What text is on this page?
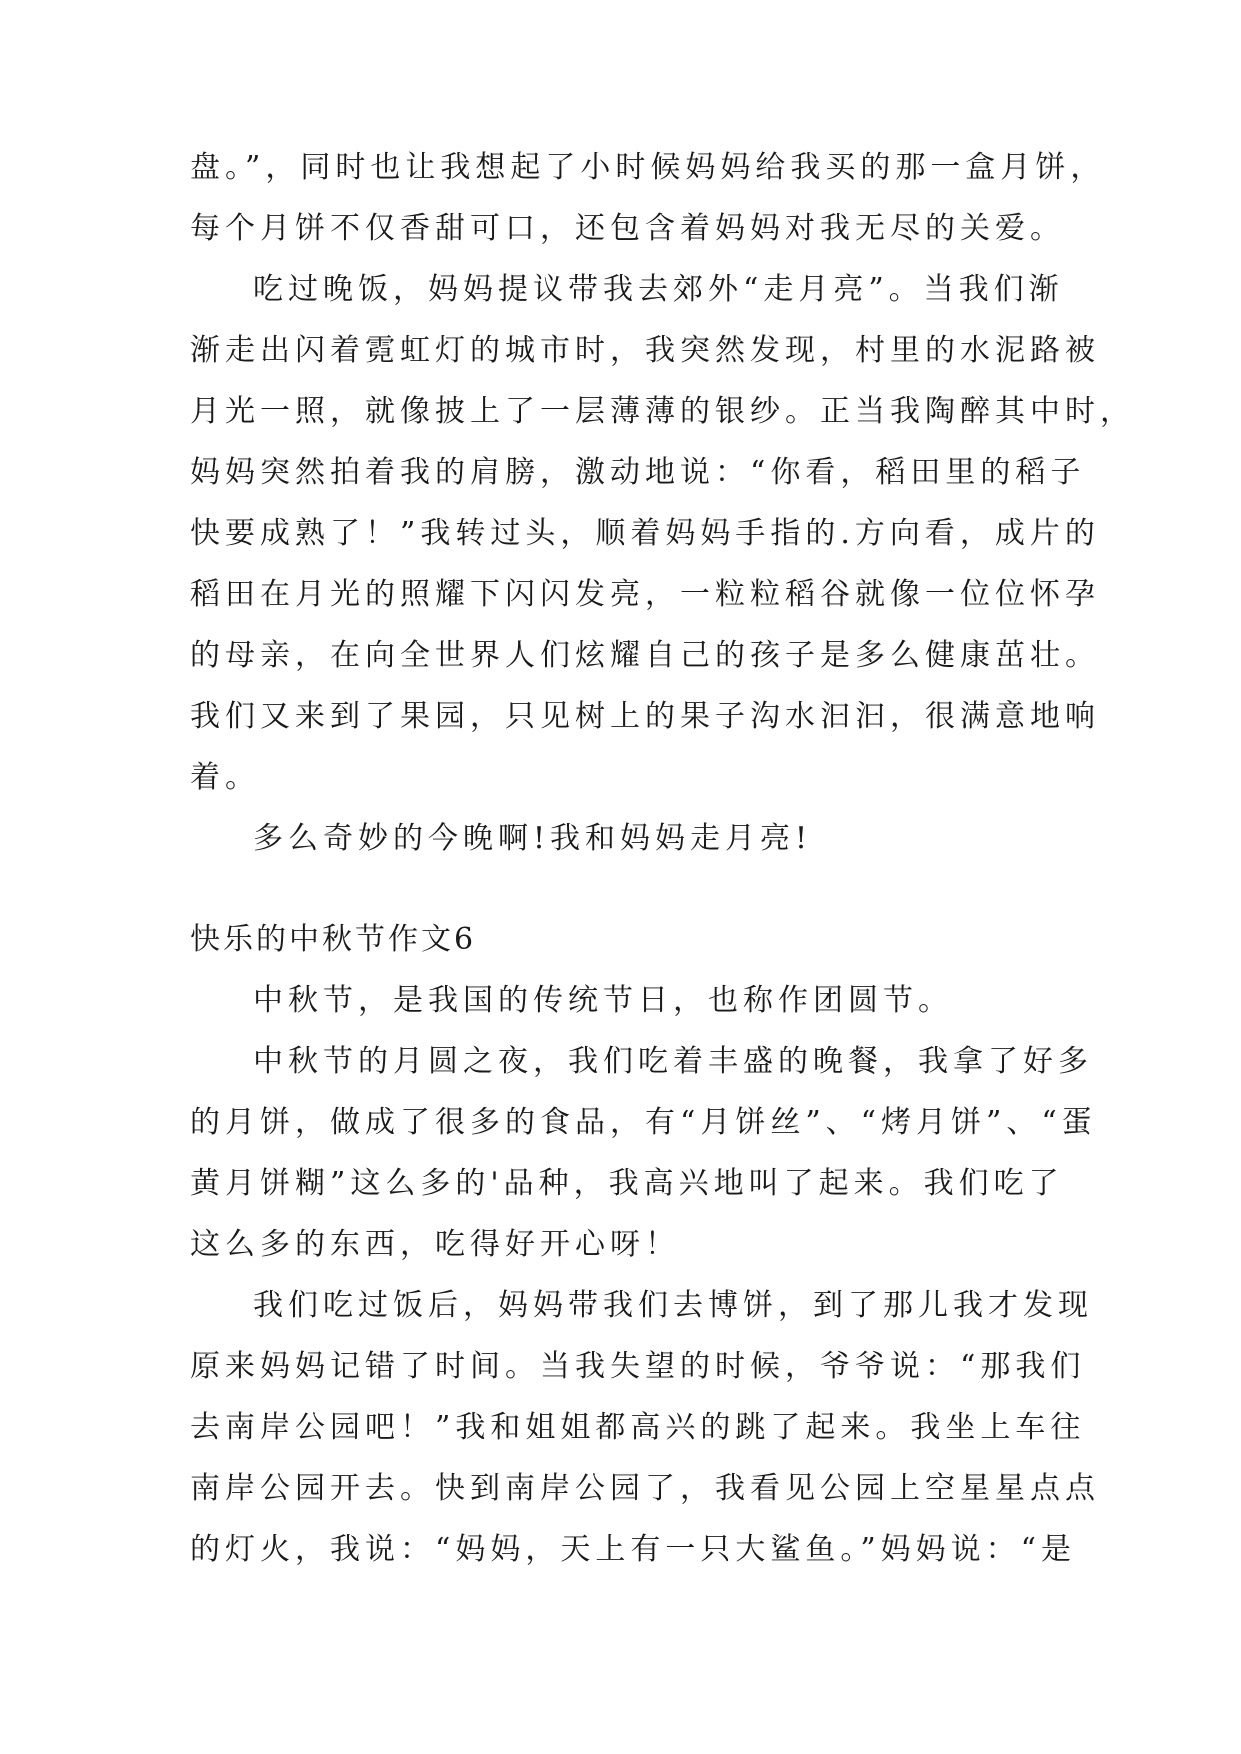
盘。”，同时也让我想起了小时候妈妈给我买的那一盒月饼，
每个月饼不仅香甜可口，还包含着妈妈对我无尽的关爱。
吃过晚饭，妈妈提议带我去郊外“走月亮”。当我们渐
渐走出闪着霓虹灯的城市时，我突然发现，村里的水泥路被
月光一照，就像披上了一层薄薄的银纱。正当我陶醉其中时，
妈妈突然拍着我的肩膀，激动地说：“你看，稻田里的稻子
快要成熟了！”我转过头，顺着妈妈手指的.方向看，成片的
稻田在月光的照耀下闪闪发亮，一粒粒稻谷就像一位位怀孕
的母亲，在向全世界人们炫耀自己的孩子是多么健康茁壮。
我们又来到了果园，只见树上的果子沟水汩汩，很满意地响
着。
多么奇妙的今晚啊!我和妈妈走月亮!
快乐的中秋节作文6
中秋节，是我国的传统节日，也称作团圆节。
中秋节的月圆之夜，我们吃着丰盛的晚餐，我拿了好多
的月饼，做成了很多的食品，有“月饼丝”、“烤月饼”、“蛋
黄月饼糊”这么多的'品种，我高兴地叫了起来。我们吃了
这么多的东西，吃得好开心呀！
我们吃过饭后，妈妈带我们去博饼，到了那儿我才发现
原来妈妈记错了时间。当我失望的时候，爷爷说：“那我们
去南岸公园吧！”我和姐姐都高兴的跳了起来。我坐上车往
南岸公园开去。快到南岸公园了，我看见公园上空星星点点
的灯火，我说：“妈妈，天上有一只大鲨鱼。”妈妈说：“是
